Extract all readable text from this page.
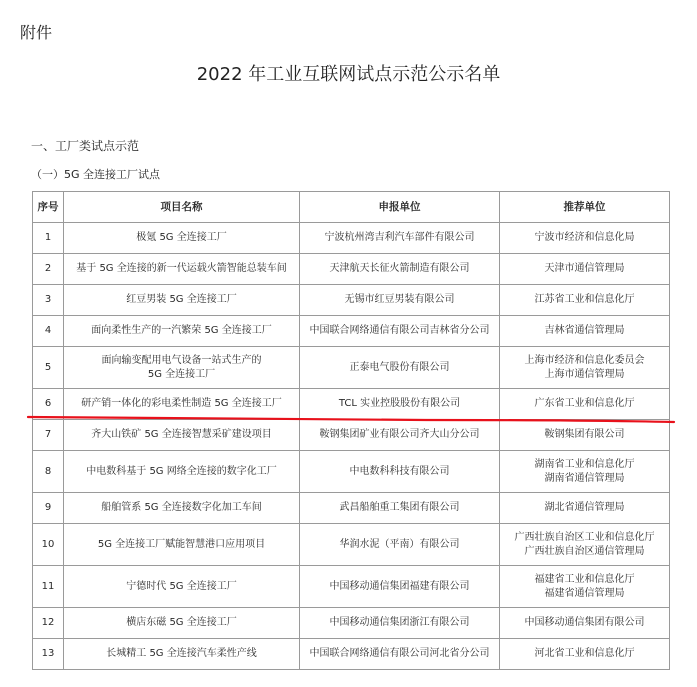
附件
2022 年工业互联网试点示范公示名单
一、工厂类试点示范
（一）5G 全连接工厂试点
序号	项目名称	申报单位	推荐单位
1	极氪 5G 全连接工厂	宁波杭州湾吉利汽车部件有限公司	宁波市经济和信息化局

2	基于 5G 全连接的新一代运载火箭智能总装车间	天津航天长征火箭制造有限公司	天津市通信管理局

3	红豆男装 5G 全连接工厂	无锡市红豆男装有限公司	江苏省工业和信息化厅

4	面向柔性生产的一汽繁荣 5G 全连接工厂	中国联合网络通信有限公司吉林省分公司	吉林省通信管理局

5	面向输变配用电气设备一站式生产的
5G 全连接工厂	正泰电气股份有限公司	上海市经济和信息化委员会
上海市通信管理局

6	研产销一体化的彩电柔性制造 5G 全连接工厂	TCL 实业控股股份有限公司	广东省工业和信息化厅

7	齐大山铁矿 5G 全连接智慧采矿建设项目	鞍钢集团矿业有限公司齐大山分公司	鞍钢集团有限公司

8	中电数科基于 5G 网络全连接的数字化工厂	中电数科科技有限公司	湖南省工业和信息化厅
湖南省通信管理局

9	船舶管系 5G 全连接数字化加工车间	武昌船舶重工集团有限公司	湖北省通信管理局

10	5G 全连接工厂赋能智慧港口应用项目	华润水泥（平南）有限公司	广西壮族自治区工业和信息化厅
广西壮族自治区通信管理局

11	宁德时代 5G 全连接工厂	中国移动通信集团福建有限公司	福建省工业和信息化厅
福建省通信管理局

12	横店东磁 5G 全连接工厂	中国移动通信集团浙江有限公司	中国移动通信集团有限公司

13	长城精工 5G 全连接汽车柔性产线	中国联合网络通信有限公司河北省分公司	河北省工业和信息化厅
